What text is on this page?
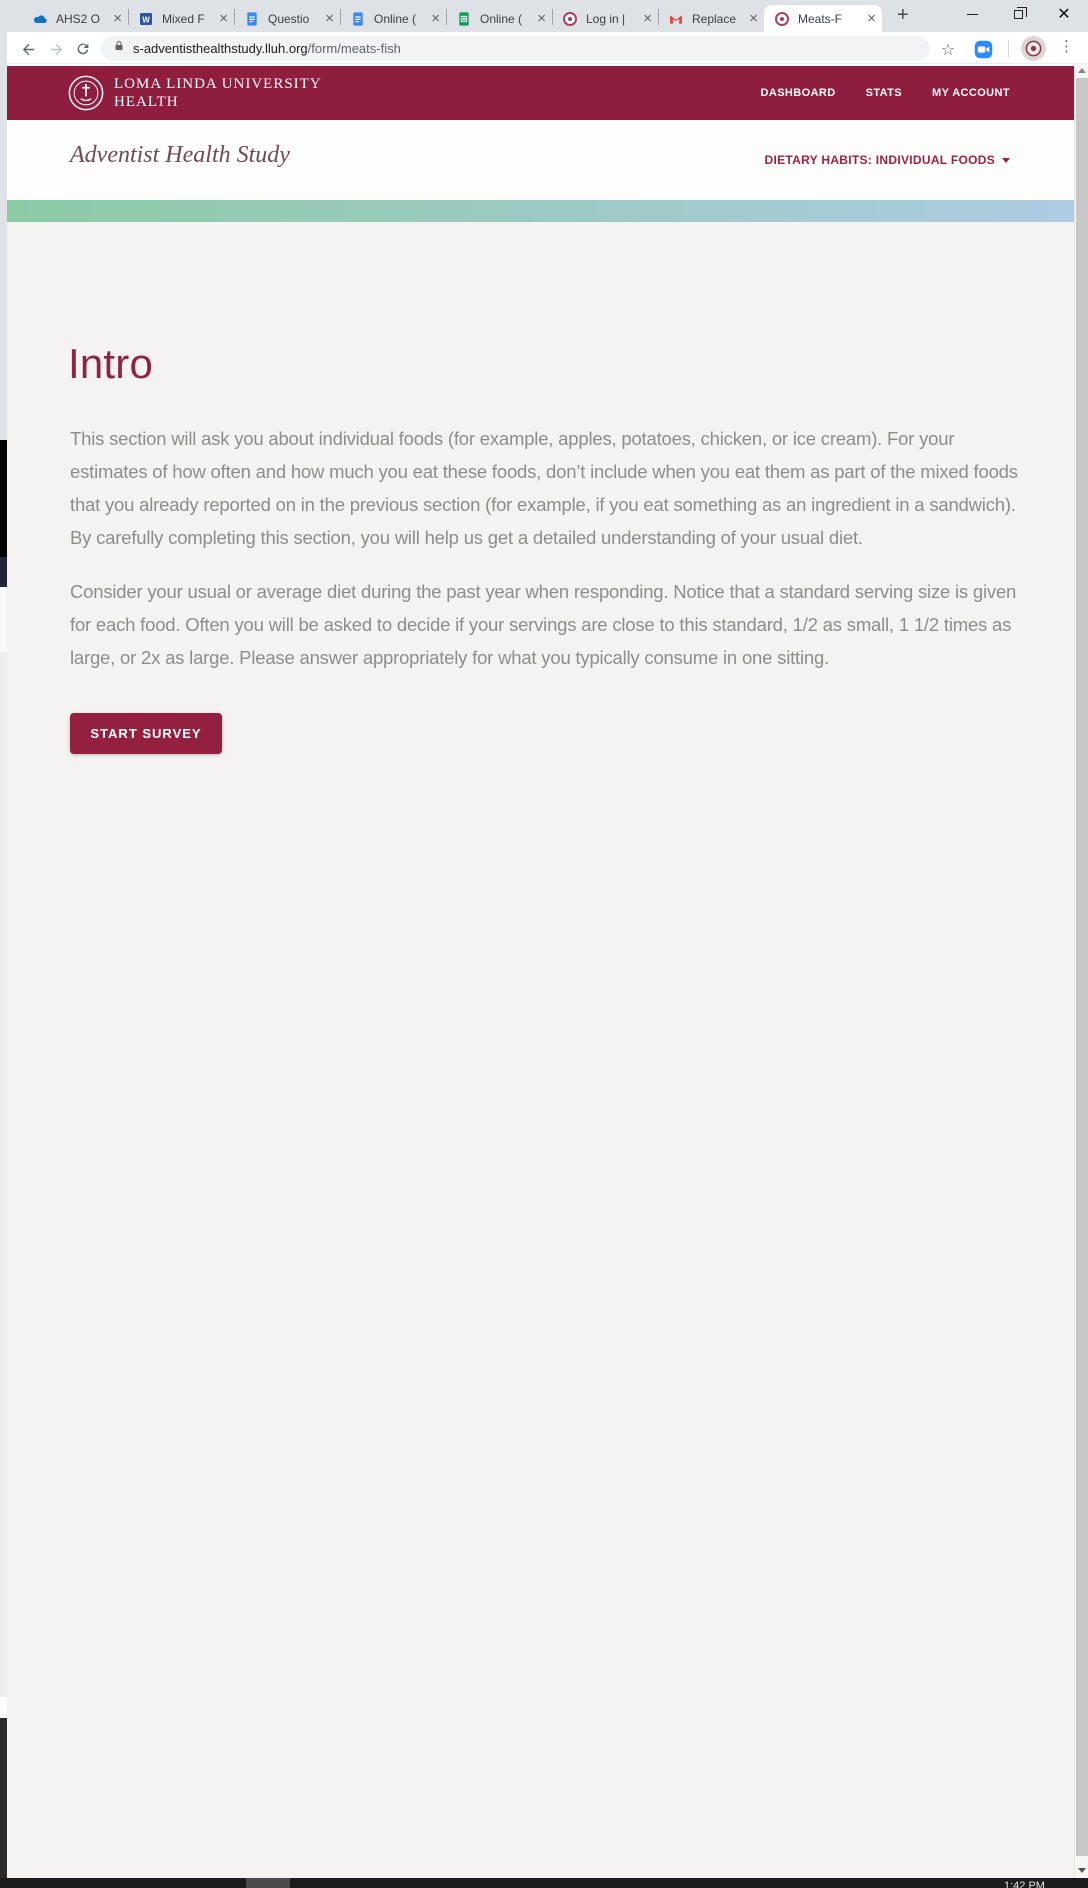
AHS2 O × W Mixed F ×	Questio	×	Online (	×	Online (	×	Log in |	×	Replace ×	Meats-F	× +	✕
s-adventisthealthstudy.lluh.org/form/meats-fish	☆	⋮
LOMA LINDA UNIVERSITY
HEALTH
DASHBOARD	STATS	MY ACCOUNT
Adventist Health Study	DIETARY HABITS: INDIVIDUAL FOODS
Intro

This section will ask you about individual foods (for example, apples, potatoes, chicken, or ice cream). For your estimates of how often and how much you eat these foods, don’t include when you eat them as part of the mixed foods that you already reported on in the previous section (for example, if you eat something as an ingredient in a sandwich). By carefully completing this section, you will help us get a detailed understanding of your usual diet.

Consider your usual or average diet during the past year when responding. Notice that a standard serving size is given for each food. Often you will be asked to decide if your servings are close to this standard, 1/2 as small, 1 1/2 times as large, or 2x as large. Please answer appropriately for what you typically consume in one sitting.

START SURVEY
1:42 PM
